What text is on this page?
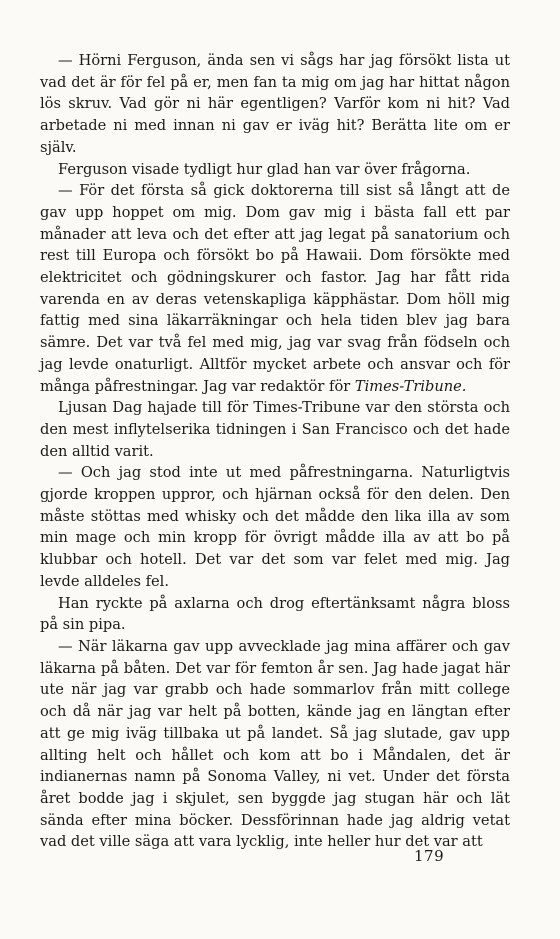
— Hörni Ferguson, ända sen vi sågs har jag försökt lista ut vad det är för fel på er, men fan ta mig om jag har hittat någon lös skruv. Vad gör ni här egentligen? Varför kom ni hit? Vad arbetade ni med innan ni gav er iväg hit? Berätta lite om er själv.

Ferguson visade tydligt hur glad han var över frågorna.

— För det första så gick doktorerna till sist så långt att de gav upp hoppet om mig. Dom gav mig i bästa fall ett par månader att leva och det efter att jag legat på sanatorium och rest till Europa och försökt bo på Hawaii. Dom försökte med elektricitet och gödningskurer och fastor. Jag har fått rida varenda en av deras vetenskapliga käpphästar. Dom höll mig fattig med sina läkarräkningar och hela tiden blev jag bara sämre. Det var två fel med mig, jag var svag från födseln och jag levde onaturligt. Alltför mycket arbete och ansvar och för många påfrestningar. Jag var redaktör för Times-Tribune.

Ljusan Dag hajade till för Times-Tribune var den största och den mest inflytelserika tidningen i San Francisco och det hade den alltid varit.

— Och jag stod inte ut med påfrestningarna. Naturligtvis gjorde kroppen uppror, och hjärnan också för den delen. Den måste stöttas med whisky och det mådde den lika illa av som min mage och min kropp för övrigt mådde illa av att bo på klubbar och hotell. Det var det som var felet med mig. Jag levde alldeles fel.

Han ryckte på axlarna och drog eftertänksamt några bloss på sin pipa.

— När läkarna gav upp avvecklade jag mina affärer och gav läkarna på båten. Det var för femton år sen. Jag hade jagat här ute när jag var grabb och hade sommarlov från mitt college och då när jag var helt på botten, kände jag en längtan efter att ge mig iväg tillbaka ut på landet. Så jag slutade, gav upp allting helt och hållet och kom att bo i Måndalen, det är indianernas namn på Sonoma Valley, ni vet. Under det första året bodde jag i skjulet, sen byggde jag stugan här och lät sända efter mina böcker. Dessförinnan hade jag aldrig vetat vad det ville säga att vara lycklig, inte heller hur det var att

179
